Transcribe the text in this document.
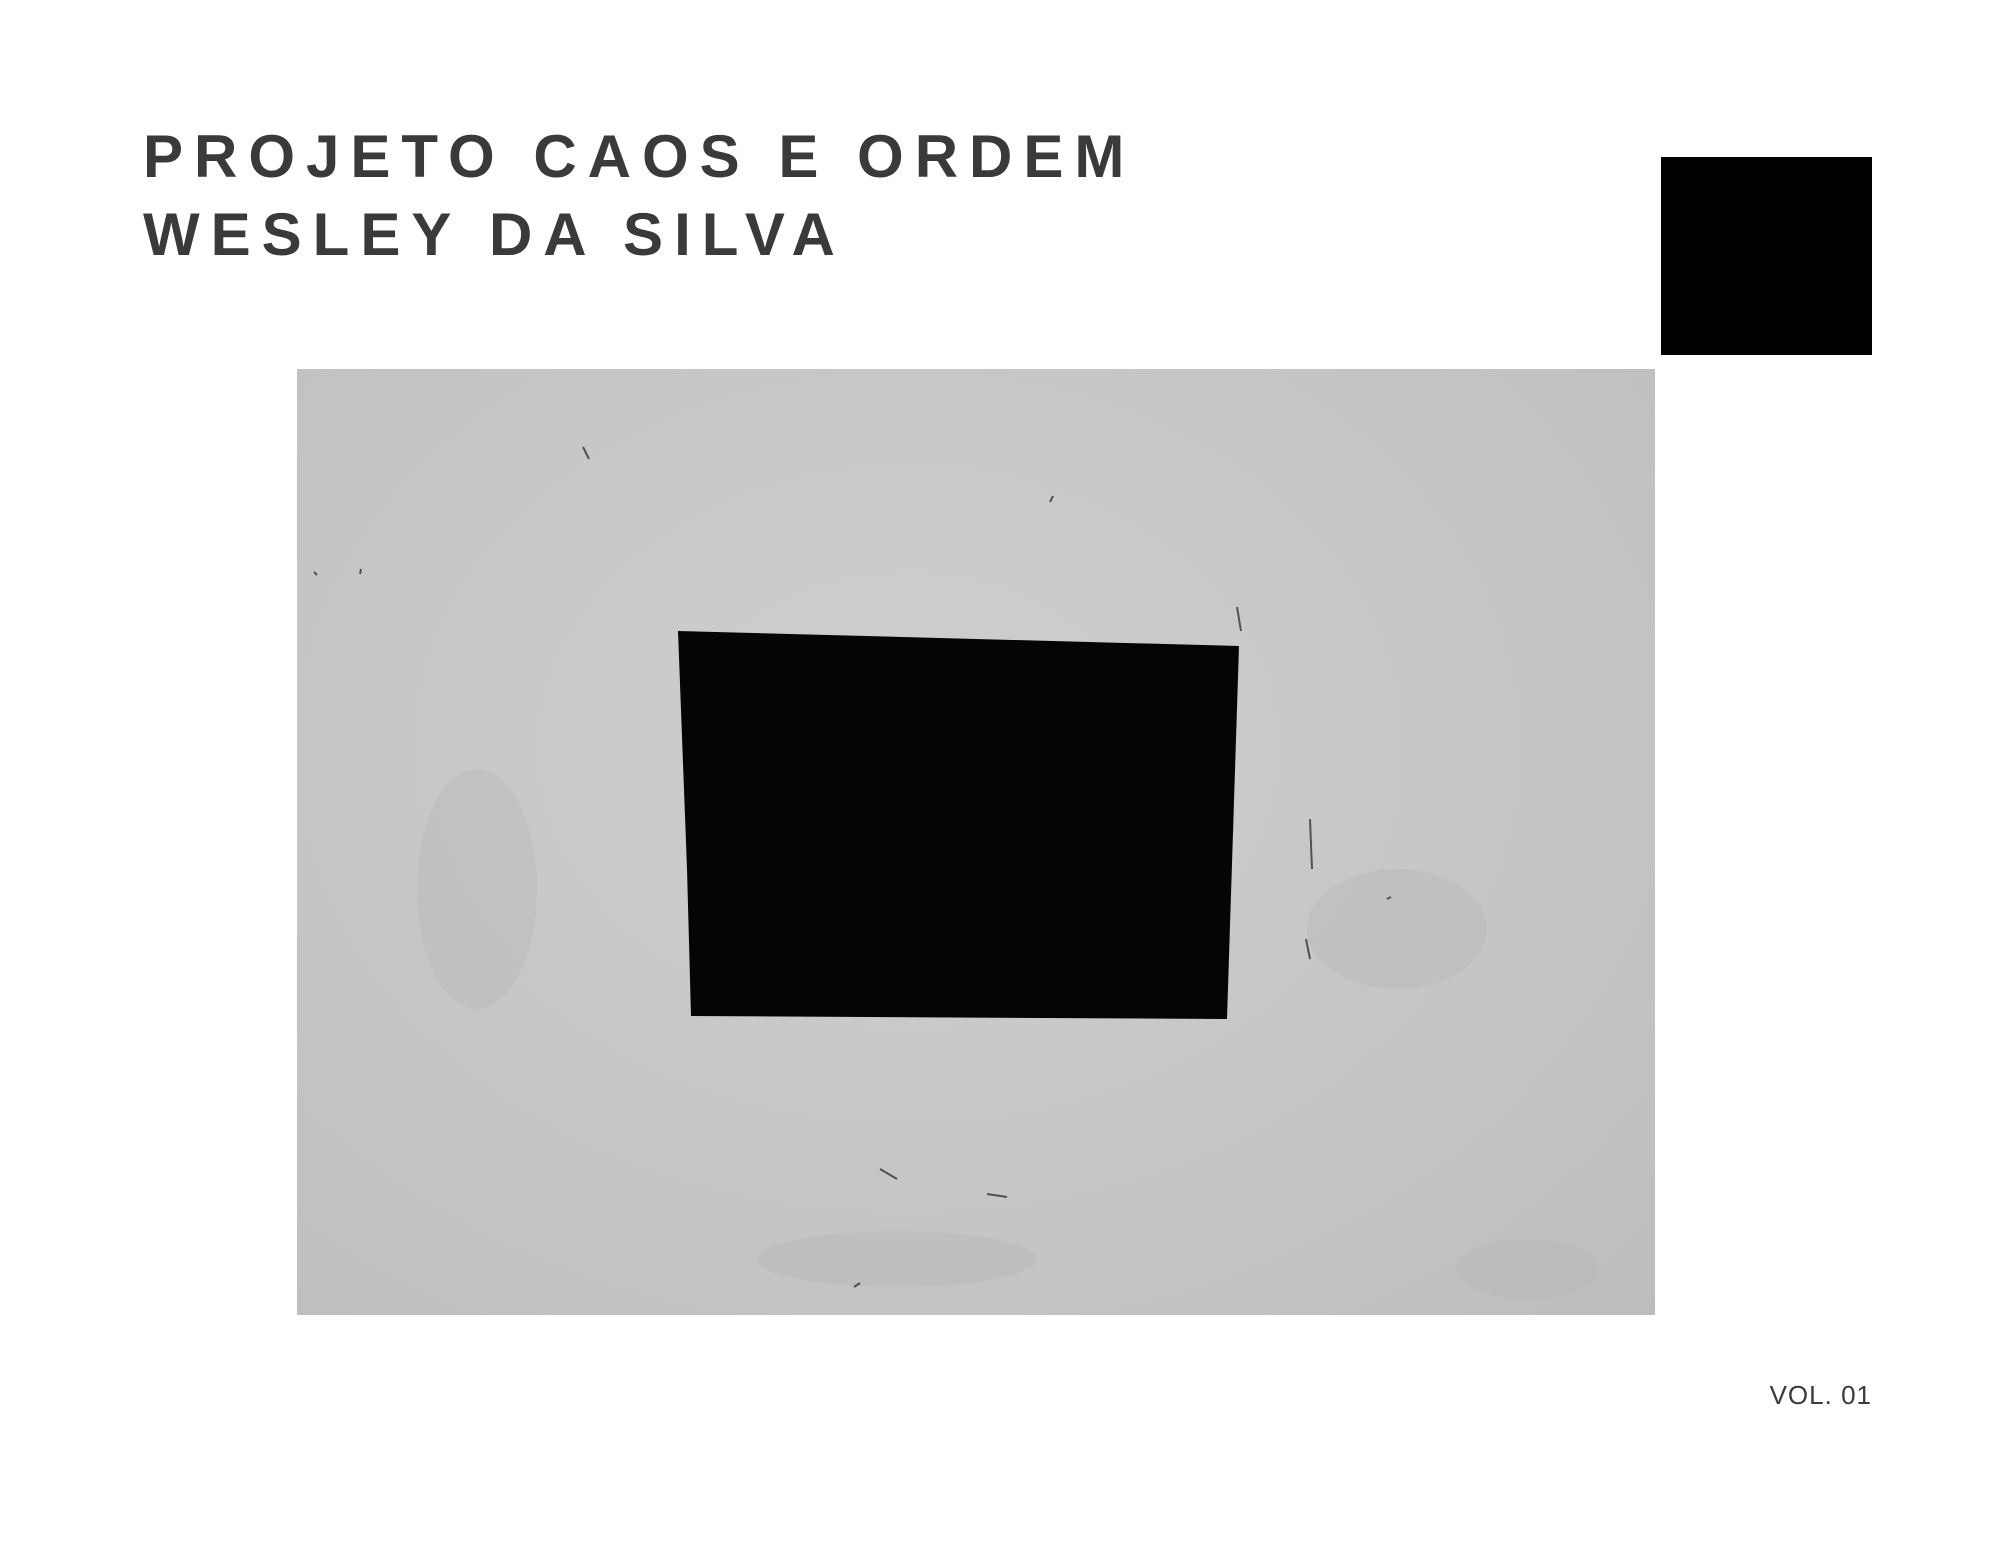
PROJETO CAOS E ORDEM
WESLEY DA SILVA
VOL. 01
